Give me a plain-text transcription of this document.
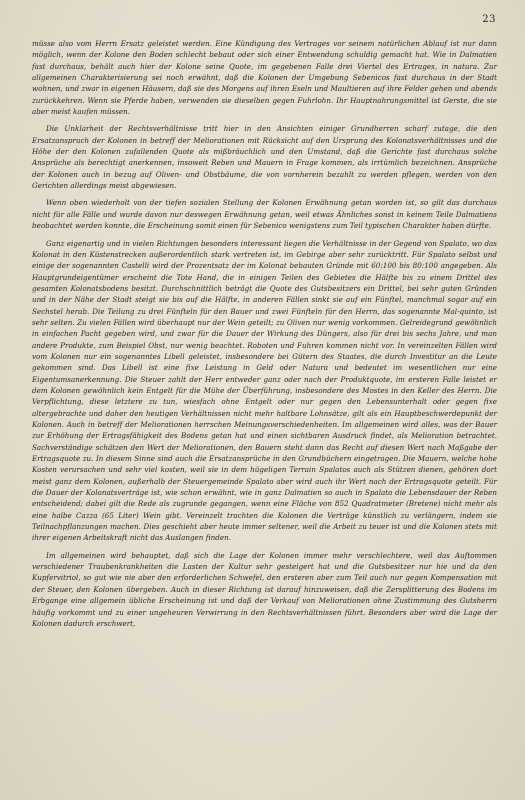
23

müsse also vom Herrn Ersatz geleistet werden. Eine Kündigung des Vertrages vor seinem natürlichen Ablauf ist nur dann möglich, wenn der Kolone den Boden schlecht bebaut oder sich einer Entwendung schuldig gemacht hat. Wie in Dalmatien fast durchaus, behält auch hier der Kolone seine Quote, im gegebenen Falle drei Viertel des Ertrages, in natura. Zur allgemeinen Charakterisierung sei noch erwähnt, daß die Kolonen der Umgebung Sebenicos fast durchaus in der Stadt wohnen, und zwar in eigenen Häusern, daß sie des Morgens auf ihren Eseln und Maultieren auf ihre Felder gehen und abends zurückkehren. Wenn sie Pferde haben, verwenden sie dieselben gegen Fuhrlohn. Ihr Hauptnahrungsmittel ist Gerste, die sie aber meist kaufen müssen.

Die Unklarheit der Rechtsverhältnisse tritt hier in den Ansichten einiger Grundherren scharf zutage, die den Ersatzanspruch der Kolonen in betreff der Meliorationen mit Rücksicht auf den Ursprung des Kolonatsverhältnisses und die Höhe der den Kolonen zufallenden Quote als mißbräuchlich und den Umstand, daß die Gerichte fast durchaus solche Ansprüche als berechtigt anerkennen, insoweit Reben und Mauern in Frage kommen, als irrtümlich bezeichnen. Ansprüche der Kolonen auch in bezug auf Oliven- und Obstbäume, die von vornherein bezahlt zu werden pflegen, werden von den Gerichten allerdings meist abgewiesen.

Wenn oben wiederholt von der tiefen sozialen Stellung der Kolonen Erwähnung getan worden ist, so gilt das durchaus nicht für alle Fälle und wurde davon nur deswegen Erwähnung getan, weil etwas Ähnliches sonst in keinem Teile Dalmatiens beobachtet werden konnte, die Erscheinung somit einen für Sebenico wenigstens zum Teil typischen Charakter haben dürfte.

Ganz eigenartig und in vielen Richtungen besonders interessant liegen die Verhältnisse in der Gegend von Spalato, wo das Kolonat in den Küstenstrecken außerordentlich stark vertreten ist, im Gebirge aber sehr zurücktritt. Für Spalato selbst und einige der sogenannten Castelli wird der Prozentsatz der im Kolonat bebauten Gründe mit 60:100 bis 80:100 angegeben. Als Hauptgrundeigentümer erscheint die Tote Hand, die in einigen Teilen des Gebietes die Hälfte bis zu einem Drittel des gesamten Kolonatsbodens besitzt. Durchschnittlich beträgt die Quote des Gutsbesitzers ein Drittel, bei sehr guten Gründen und in der Nähe der Stadt steigt sie bis auf die Hälfte, in anderen Fällen sinkt sie auf ein Fünftel, manchmal sogar auf ein Sechstel herab. Die Teilung zu drei Fünfteln für den Bauer und zwei Fünfteln für den Herrn, das sogenannte Mal-quinto, ist sehr selten. Zu vielen Fällen wird überhaupt nur der Wein geteilt; zu Oliven nur wenig vorkommen. Gelreidegrund gewöhnlich in einfachen Pacht gegeben wird, und zwar für die Dauer der Wirkung des Düngers, also für drei bis sechs Jahre, und man andere Produkte, zum Beispiel Obst, nur wenig beachtet. Roboten und Fuhren kommen nicht vor. In vereinzelten Fällen wird vom Kolonen nur ein sogenanntes Libell geleistet, insbesondere bei Gütern des Staates, die durch Investitur an die Leute gekommen sind. Das Libell ist eine fixe Leistung in Geld oder Natura und bedeutet im wesentlichen nur eine Eigentumsanerkennung. Die Steuer zahlt der Herr entweder ganz oder nach der Produktquote, im ersteren Falle leistet er dem Kolonen gewöhnlich kein Entgelt für die Mühe der Überführung, insbesondere des Mostes in den Keller des Herrn. Die Verpflichtung, diese letztere zu tun, wiesfach ohne Entgelt oder nur gegen den Lebensunterhalt oder gegen fixe altergebrachte und daher den heutigen Verhältnissen nicht mehr haltbare Lohnsätze, gilt als ein Hauptbeschwerdepunkt der Kolonen. Auch in betreff der Meliorationen herrschen Meinungsverschiedenheiten. Im allgemeinen wird alles, was der Bauer zur Erhöhung der Ertragsfähigkeit des Bodens getan hat und einen sichtbaren Ausdruck findet, als Melioration betrachtet. Sachverständige schätzen den Wert der Meliorationen, den Bauern steht dann das Recht auf diesen Wert nach Maßgabe der Ertragsquote zu. In diesem Sinne sind auch die Ersatzansprüche in den Grundbüchern eingetragen. Die Mauern, welche hohe Kosten verursachen und sehr viel kosten, weil sie in dem hügeligen Terrain Spalatos auch als Stützen dienen, gehören dort meist ganz dem Kolonen, außerhalb der Steuergemeinde Spalato aber wird auch ihr Wert nach der Ertragsquote geteilt. Für die Dauer der Kolonatsverträge ist, wie schon erwähnt, wie in ganz Dalmatien so auch in Spalato die Lebensdauer der Reben entscheidend; dabei gilt die Rede als zugrunde gegangen, wenn eine Fläche von 852 Quadratmeter (Bretene) nicht mehr als eine halbe Cazza (65 Liter) Wein gibt. Vereinzelt trachten die Kolonen die Verträge künstlich zu verlängern, indem sie Teilnachpflanzungen machen. Dies geschieht aber heute immer seltener, weil die Arbeit zu teuer ist und die Kolonen stets mit ihrer eigenen Arbeitskraft nicht das Auslangen finden.

Im allgemeinen wird behauptet, daß sich die Lage der Kolonen immer mehr verschlechtere, weil das Auftommen verschiedener Traubenkrankheiten die Lasten der Kultur sehr gesteigert hat und die Gutsbesitzer nur hie und da den Kupfervitriol, so gut wie nie aber den erforderlichen Schwefel, den ersteren aber zum Teil auch nur gegen Kompensation mit der Steuer, den Kolonen übergeben. Auch in dieser Richtung ist darauf hinzuweisen, daß die Zersplitterung des Bodens im Erbgange eine allgemein übliche Erscheinung ist und daß der Verkauf von Meliorationen ohne Zustimmung des Gutsherrn häufig vorkommt und zu einer ungeheuren Verwirrung in den Rechtsverhältnissen führt. Besonders aber wird die Lage der Kolonen dadurch erschwert,
